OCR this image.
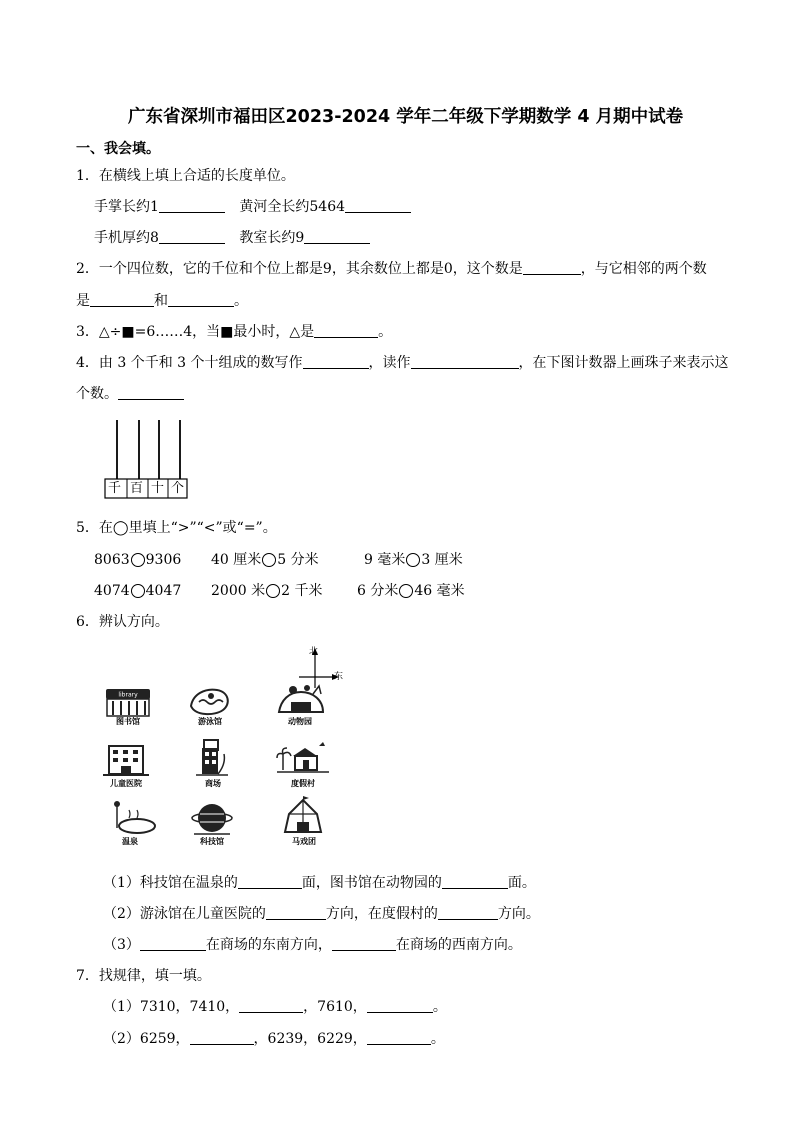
广东省深圳市福田区2023-2024 学年二年级下学期数学 4 月期中试卷
一、我会填。
1．在横线上填上合适的长度单位。
手掌长约1	黄河全长约5464
手机厚约8	教室长约9
2．一个四位数，它的千位和个位上都是9，其余数位上都是0，这个数是	，与它相邻的两个数
是	和	。
3．△÷■=6……4，当■最小时，△是	。
4．由 3 个千和 3 个十组成的数写作	，读作	，在下图计数器上画珠子来表示这
个数。
千 百 十 个
5．在◯里填上“>”“<”或“=”。
8063 9306 40 厘米 5 分米	9 毫米 3 厘米
4074 4047 2000 米 2 千米 6 分米 46 毫米
6．辨认方向。
北
东
library
图书馆	游泳馆	动物园
儿童医院	商场	度假村
温泉	科技馆	马戏团
（1）科技馆在温泉的	面，图书馆在动物园的	面。
（2）游泳馆在儿童医院的	方向，在度假村的	方向。
（3）	在商场的东南方向，	在商场的西南方向。
7．找规律，填一填。
（1）7310，7410，	，7610，	。
（2）6259，	，6239，6229，	。
